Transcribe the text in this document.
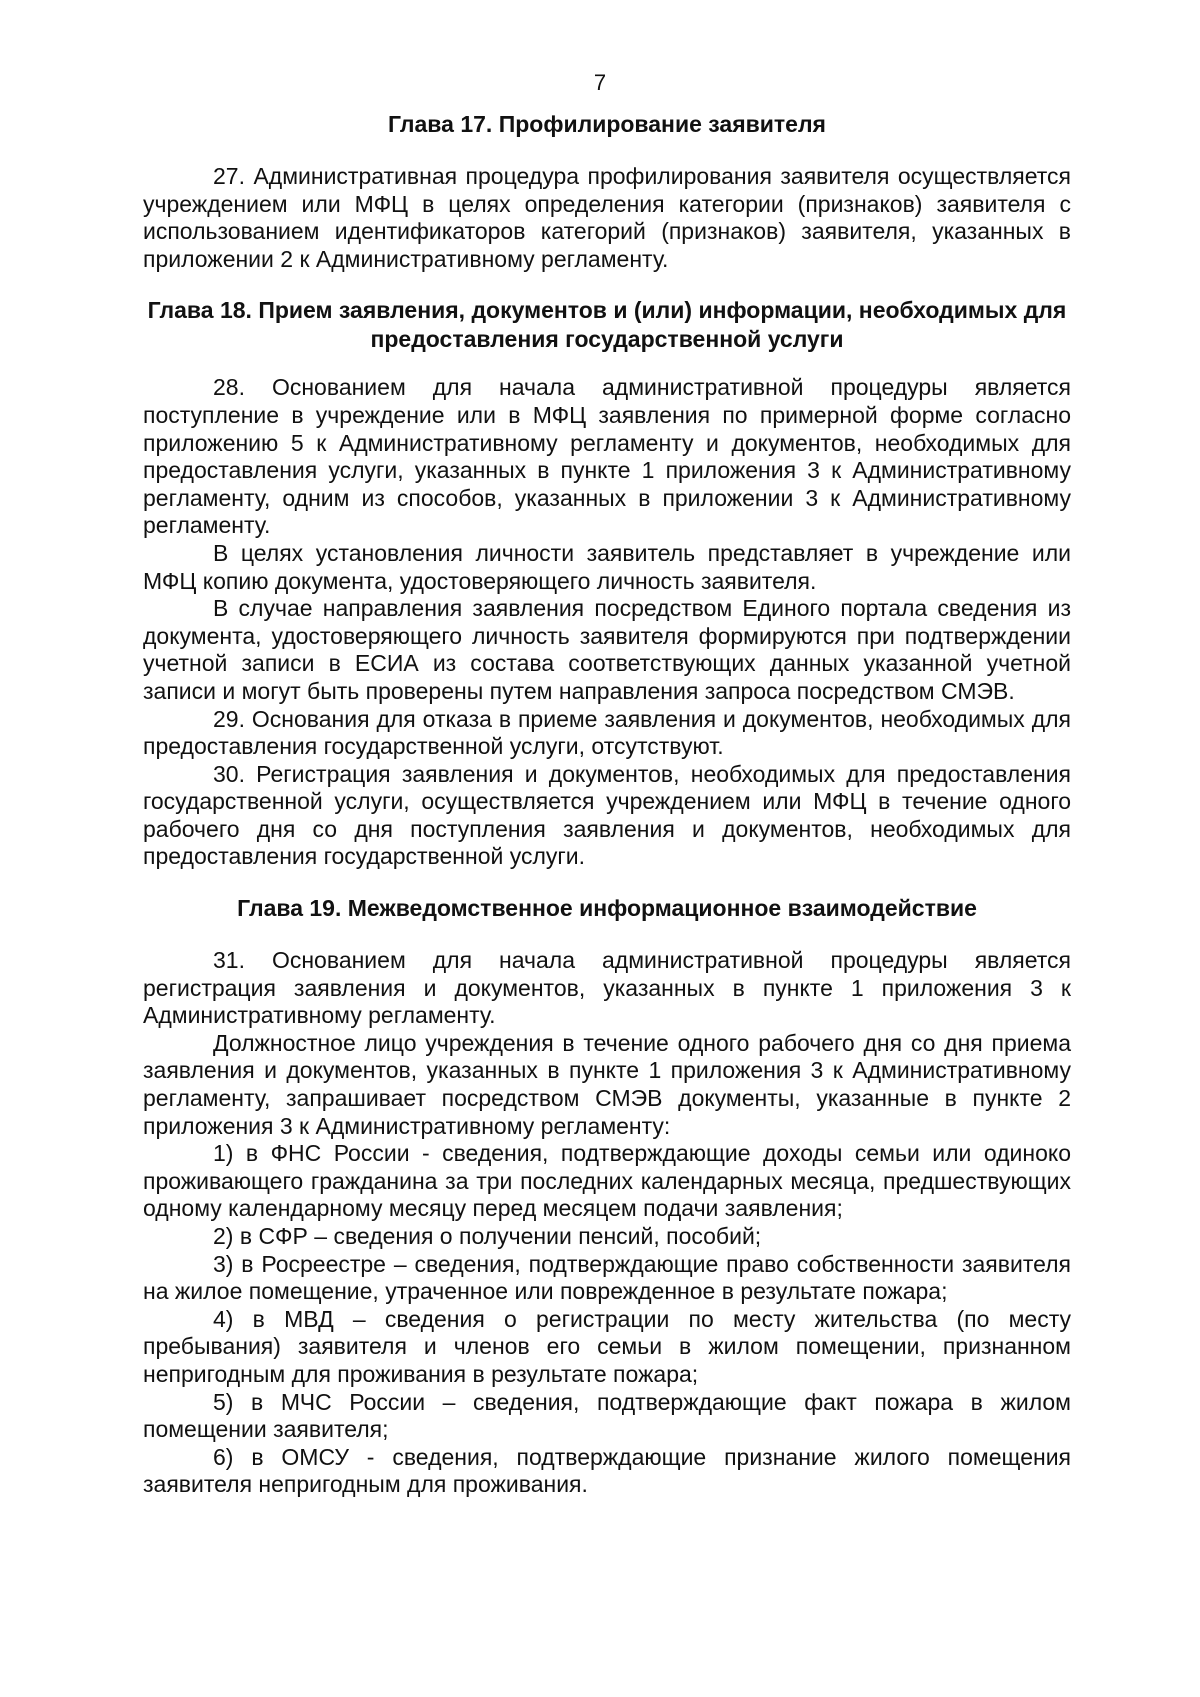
7
Глава 17. Профилирование заявителя

27. Административная процедура профилирования заявителя осуществляется учреждением или МФЦ в целях определения категории (признаков) заявителя с использованием идентификаторов категорий (признаков) заявителя, указанных в приложении 2 к Административному регламенту.

Глава 18. Прием заявления, документов и (или) информации, необходимых для предоставления государственной услуги

28. Основанием для начала административной процедуры является поступление в учреждение или в МФЦ заявления по примерной форме согласно приложению 5 к Административному регламенту и документов, необходимых для предоставления услуги, указанных в пункте 1 приложения 3 к Административному регламенту, одним из способов, указанных в приложении 3 к Административному регламенту.

В целях установления личности заявитель представляет в учреждение или МФЦ копию документа, удостоверяющего личность заявителя.

В случае направления заявления посредством Единого портала сведения из документа, удостоверяющего личность заявителя формируются при подтверждении учетной записи в ЕСИА из состава соответствующих данных указанной учетной записи и могут быть проверены путем направления запроса посредством СМЭВ.

29. Основания для отказа в приеме заявления и документов, необходимых для предоставления государственной услуги, отсутствуют.

30. Регистрация заявления и документов, необходимых для предоставления государственной услуги, осуществляется учреждением или МФЦ в течение одного рабочего дня со дня поступления заявления и документов, необходимых для предоставления государственной услуги.

Глава 19. Межведомственное информационное взаимодействие

31. Основанием для начала административной процедуры является регистрация заявления и документов, указанных в пункте 1 приложения 3 к Административному регламенту.

Должностное лицо учреждения в течение одного рабочего дня со дня приема заявления и документов, указанных в пункте 1 приложения 3 к Административному регламенту, запрашивает посредством СМЭВ документы, указанные в пункте 2 приложения 3 к Административному регламенту:

1) в ФНС России - сведения, подтверждающие доходы семьи или одиноко проживающего гражданина за три последних календарных месяца, предшествующих одному календарному месяцу перед месяцем подачи заявления;

2) в СФР – сведения о получении пенсий, пособий;

3) в Росреестре – сведения, подтверждающие право собственности заявителя на жилое помещение, утраченное или поврежденное в результате пожара;

4) в МВД – сведения о регистрации по месту жительства (по месту пребывания) заявителя и членов его семьи в жилом помещении, признанном непригодным для проживания в результате пожара;

5) в МЧС России – сведения, подтверждающие факт пожара в жилом помещении заявителя;

6) в ОМСУ - сведения, подтверждающие признание жилого помещения заявителя непригодным для проживания.
